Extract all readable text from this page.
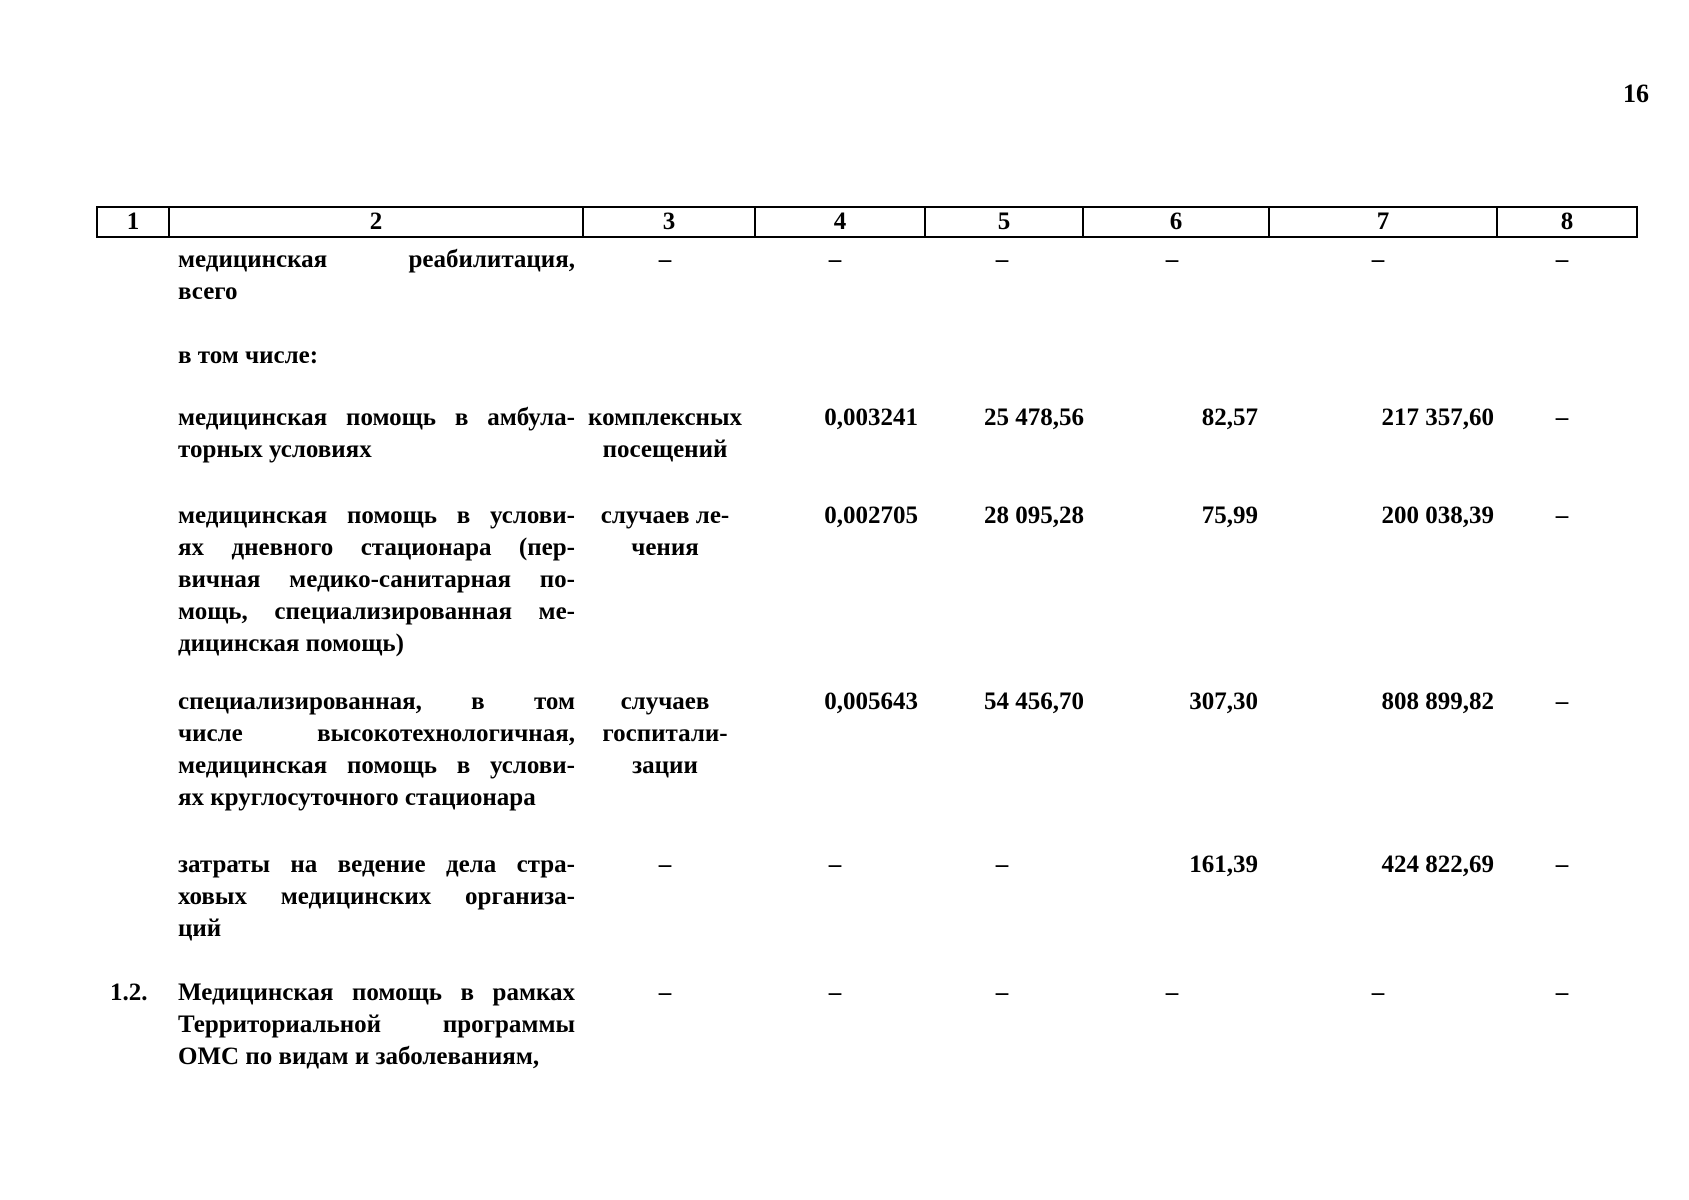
16
1	2	3	4	5	6	7	8
медицинская реабилитация,
всего
–	–	–	–	–	–
в том числе:
медицинская помощь в амбула-
торных условиях
комплексных
посещений
0,003241	25 478,56	82,57	217 357,60	–
медицинская помощь в услови-
ях дневного стационара (пер-
вичная медико-санитарная по-
мощь, специализированная ме-
дицинская помощь)
случаев ле-
чения
0,002705	28 095,28	75,99	200 038,39	–
специализированная, в том
числе высокотехнологичная,
медицинская помощь в услови-
ях круглосуточного стационара
случаев
госпитали-
зации
0,005643	54 456,70	307,30	808 899,82	–
затраты на ведение дела стра-
ховых медицинских организа-
ций
–	–	–	161,39	424 822,69	–
1.2.	Медицинская помощь в рамках
Территориальной программы
ОМС по видам и заболеваниям,
–	–	–	–	–	–
